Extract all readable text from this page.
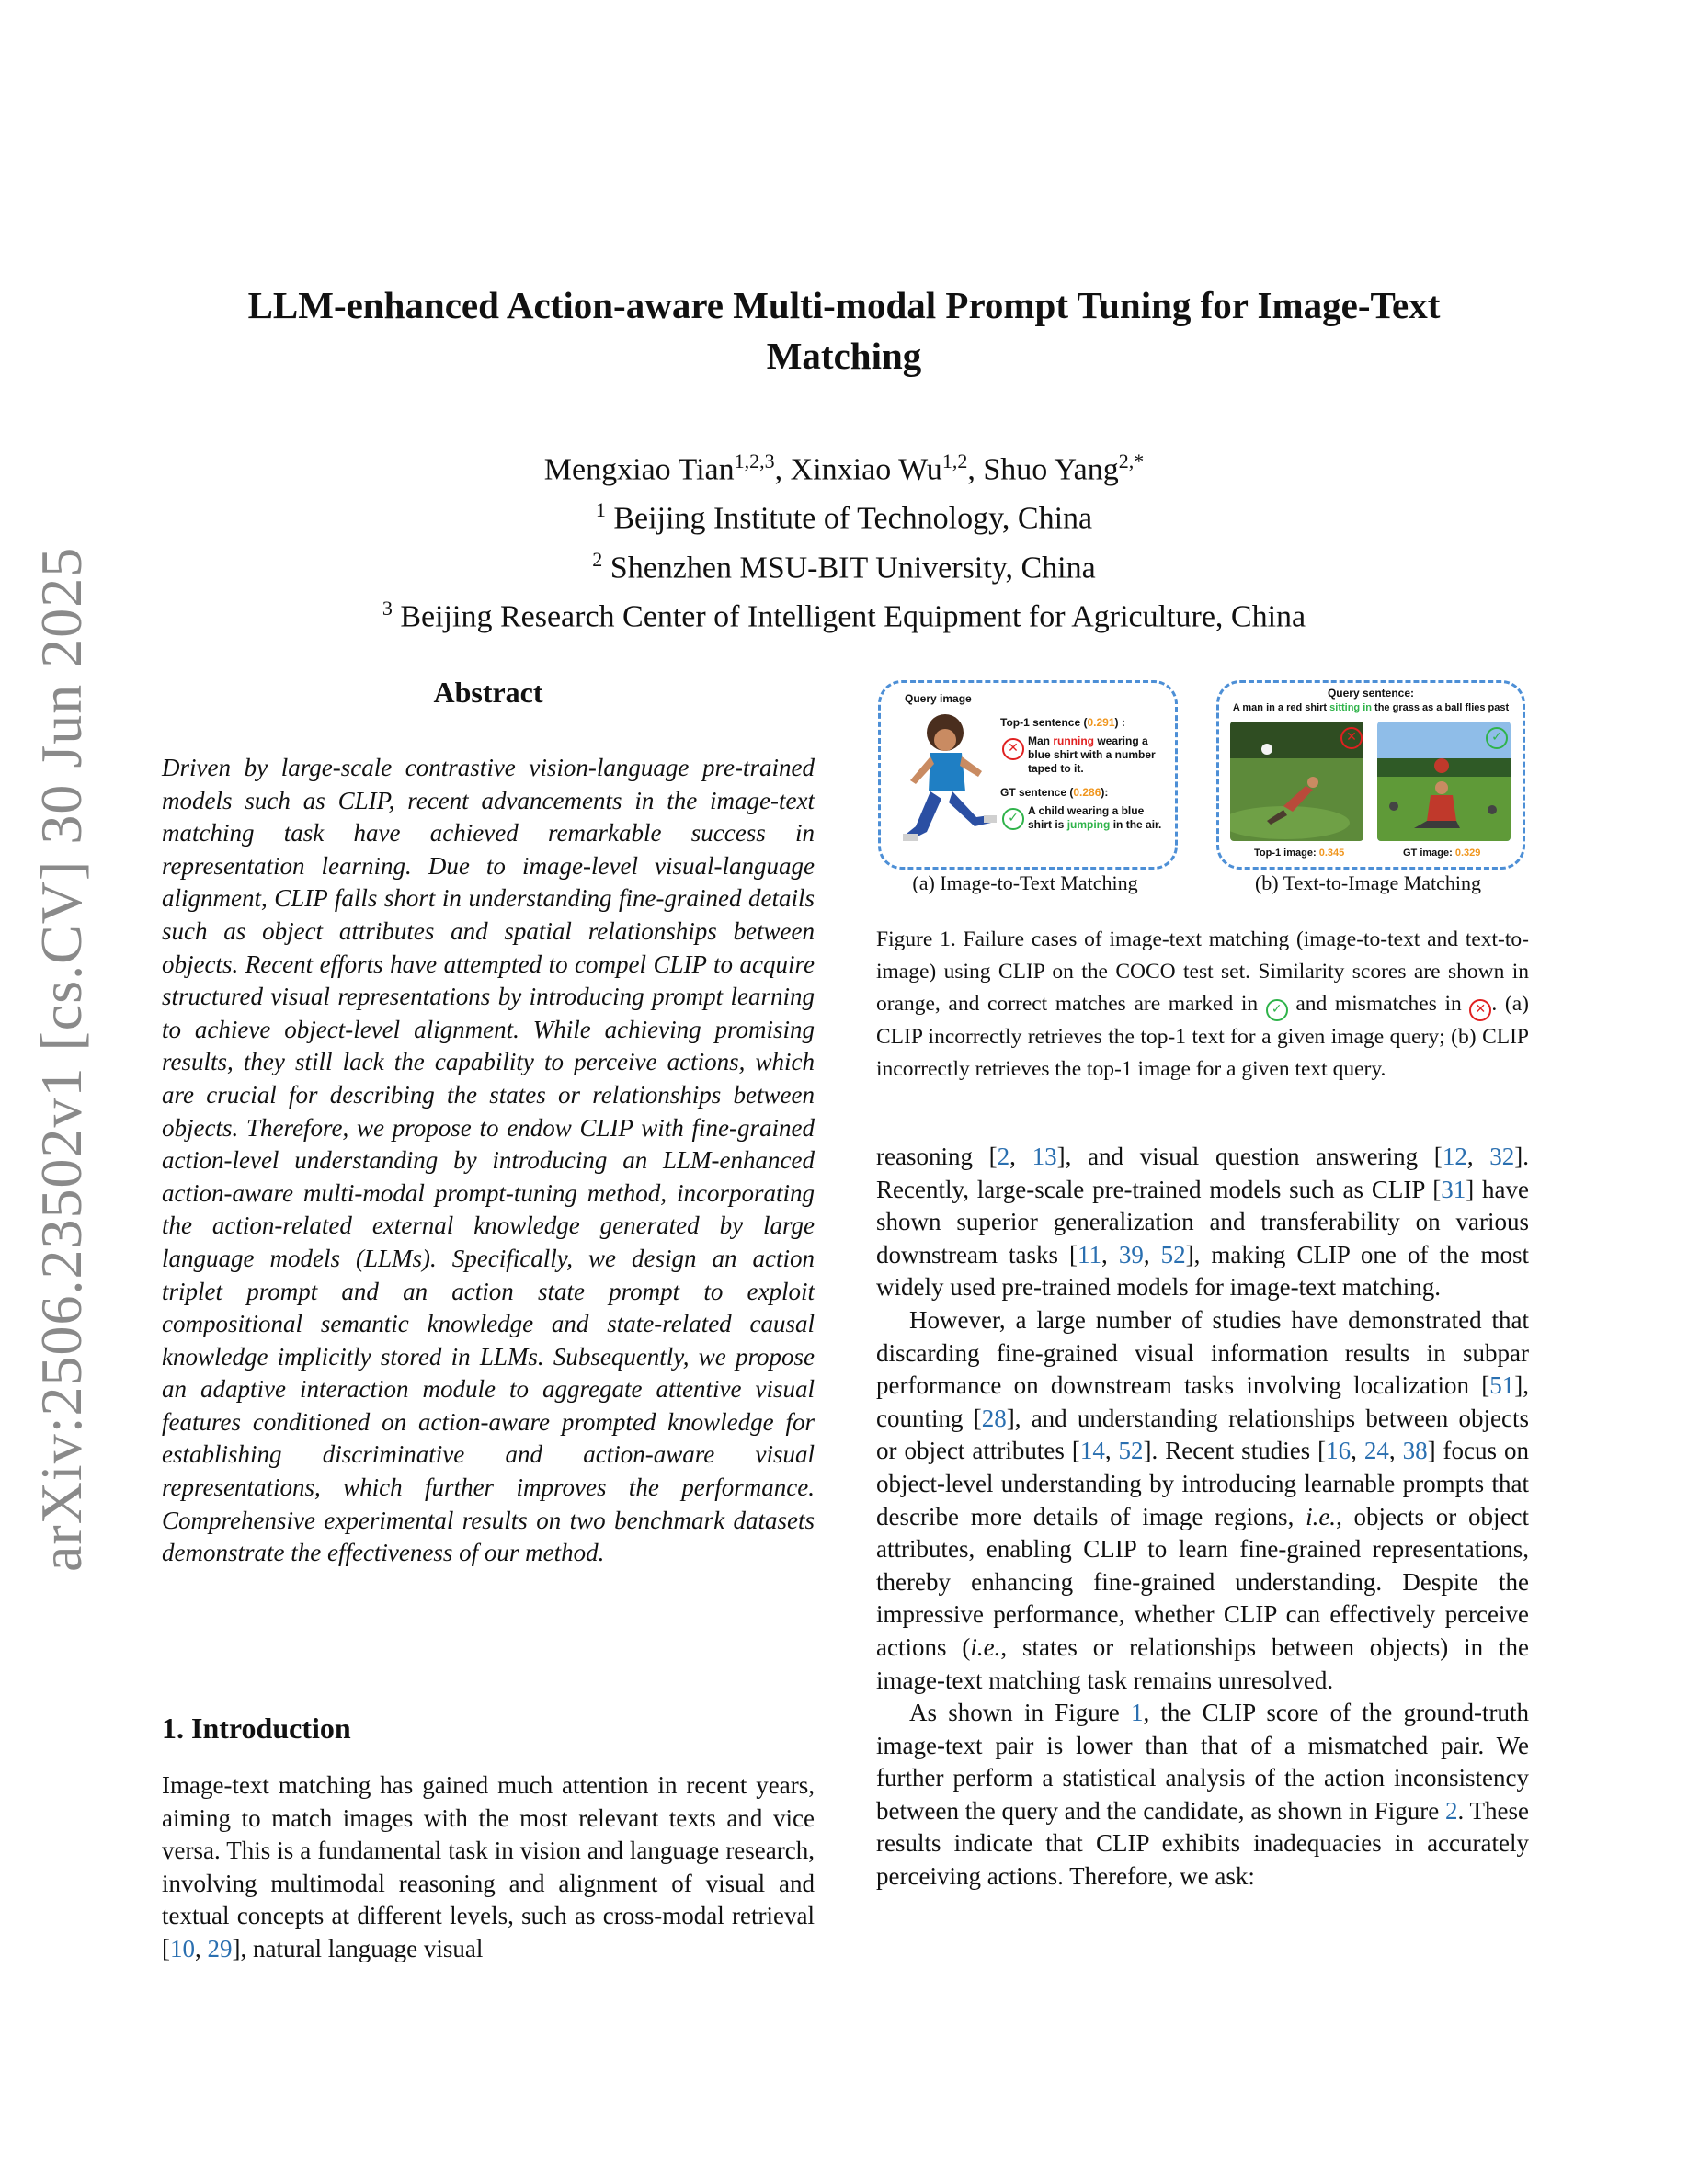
arXiv:2506.23502v1 [cs.CV] 30 Jun 2025
LLM-enhanced Action-aware Multi-modal Prompt Tuning for Image-Text
Matching
Mengxiao Tian$^{1,2,3}$, Xinxiao Wu$^{1,2}$, Shuo Yang$^{2,*}$
$^1$ Beijing Institute of Technology, China
$^2$ Shenzhen MSU-BIT University, China
$^3$ Beijing Research Center of Intelligent Equipment for Agriculture, China
Abstract
Driven by large-scale contrastive vision-language pre-trained models such as CLIP, recent advancements in the image-text matching task have achieved remarkable success in representation learning. Due to image-level visual-language alignment, CLIP falls short in understanding fine-grained details such as object attributes and spatial relationships between objects. Recent efforts have attempted to compel CLIP to acquire structured visual representations by introducing prompt learning to achieve object-level alignment. While achieving promising results, they still lack the capability to perceive actions, which are crucial for describing the states or relationships between objects. Therefore, we propose to endow CLIP with fine-grained action-level understanding by introducing an LLM-enhanced action-aware multi-modal prompt-tuning method, incorporating the action-related external knowledge generated by large language models (LLMs). Specifically, we design an action triplet prompt and an action state prompt to exploit compositional semantic knowledge and state-related causal knowledge implicitly stored in LLMs. Subsequently, we propose an adaptive interaction module to aggregate attentive visual features conditioned on action-aware prompted knowledge for establishing discriminative and action-aware visual representations, which further improves the performance. Comprehensive experimental results on two benchmark datasets demonstrate the effectiveness of our method.
1. Introduction
Image-text matching has gained much attention in recent years, aiming to match images with the most relevant texts and vice versa. This is a fundamental task in vision and language research, involving multimodal reasoning and alignment of visual and textual concepts at different levels, such as cross-modal retrieval [10, 29], natural language visual
Query image
Top-1 sentence (0.291) :
✕ Man running wearing a blue shirt with a number taped to it.
GT sentence (0.286):
✓ A child wearing a blue shirt is jumping in the air.
Query sentence:
A man in a red shirt sitting in the grass as a ball flies past
✕	✓
Top-1 image: 0.345	GT image: 0.329
(a) Image-to-Text Matching	(b) Text-to-Image Matching
Figure 1. Failure cases of image-text matching (image-to-text and text-to-image) using CLIP on the COCO test set. Similarity scores are shown in orange, and correct matches are marked in ✓ and mismatches in ✕ . (a) CLIP incorrectly retrieves the top-1 text for a given image query; (b) CLIP incorrectly retrieves the top-1 image for a given text query.

reasoning [2, 13], and visual question answering [12, 32]. Recently, large-scale pre-trained models such as CLIP [31] have shown superior generalization and transferability on various downstream tasks [11, 39, 52], making CLIP one of the most widely used pre-trained models for image-text matching.

However, a large number of studies have demonstrated that discarding fine-grained visual information results in subpar performance on downstream tasks involving localization [51], counting [28], and understanding relationships between objects or object attributes [14, 52]. Recent studies [16, 24, 38] focus on object-level understanding by introducing learnable prompts that describe more details of image regions, i.e., objects or object attributes, enabling CLIP to learn fine-grained representations, thereby enhancing fine-grained understanding. Despite the impressive performance, whether CLIP can effectively perceive actions (i.e., states or relationships between objects) in the image-text matching task remains unresolved.

As shown in Figure 1, the CLIP score of the ground-truth image-text pair is lower than that of a mismatched pair. We further perform a statistical analysis of the action inconsistency between the query and the candidate, as shown in Figure 2. These results indicate that CLIP exhibits inadequacies in accurately perceiving actions. Therefore, we ask:
